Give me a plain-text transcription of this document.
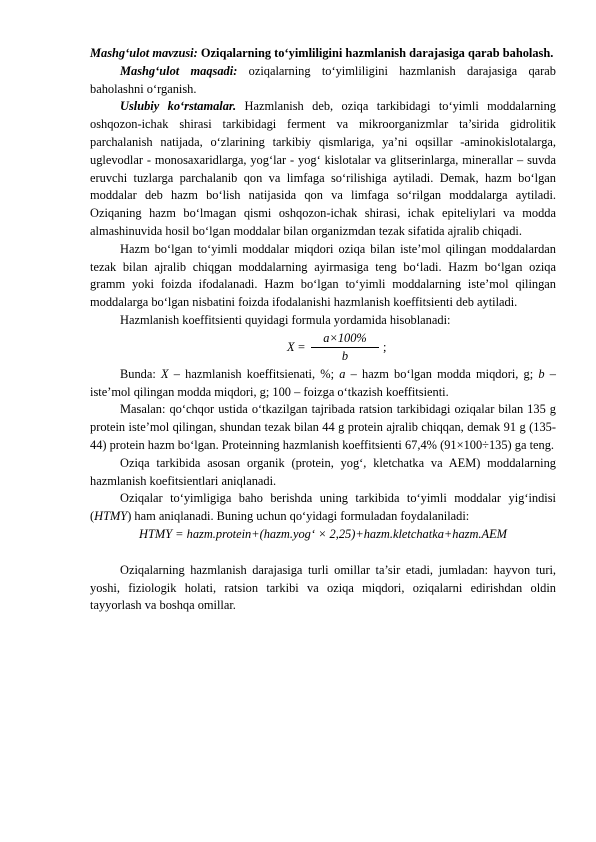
Mashg‘ulot mavzusi: Oziqalarning to‘yimliligini hazmlanish darajasiga qarab baholash.

Mashg‘ulot maqsadi: oziqalarning to‘yimliligini hazmlanish darajasiga qarab baholashni o‘rganish.

Uslubiy ko‘rstamalar. Hazmlanish deb, oziqa tarkibidagi to‘yimli moddalarning oshqozon-ichak shirasi tarkibidagi ferment va mikroorganizmlar ta’sirida gidrolitik parchalanish natijada, o‘zlarining tarkibiy qismlariga, ya’ni oqsillar -aminokislotalarga, uglevodlar - monosaxaridlarga, yog‘lar - yog‘ kislotalar va glitserinlarga, minerallar – suvda eruvchi tuzlarga parchalanib qon va limfaga so‘rilishiga aytiladi. Demak, hazm bo‘lgan moddalar deb hazm bo‘lish natijasida qon va limfaga so‘rilgan moddalarga aytiladi. Oziqaning hazm bo‘lmagan qismi oshqozon-ichak shirasi, ichak epiteliylari va modda almashinuvida hosil bo‘lgan moddalar bilan organizmdan tezak sifatida ajralib chiqadi.

Hazm bo‘lgan to‘yimli moddalar miqdori oziqa bilan iste’mol qilingan moddalardan tezak bilan ajralib chiqgan moddalarning ayirmasiga teng bo‘ladi. Hazm bo‘lgan oziqa gramm yoki foizda ifodalanadi. Hazm bo‘lgan to‘yimli moddalarning iste’mol qilingan moddalarga bo‘lgan nisbatini foizda ifodalanishi hazmlanish koeffitsienti deb aytiladi.

Hazmlanish koeffitsienti quyidagi formula yordamida hisoblanadi:

X =
a×100%
b
;

Bunda: X – hazmlanish koeffitsienati, %; a – hazm bo‘lgan modda miqdori, g; b – iste’mol qilingan modda miqdori, g; 100 – foizga o‘tkazish koeffitsienti.

Masalan: qo‘chqor ustida o‘tkazilgan tajribada ratsion tarkibidagi oziqalar bilan 135 g protein iste’mol qilingan, shundan tezak bilan 44 g protein ajralib chiqqan, demak 91 g (135-44) protein hazm bo‘lgan. Proteinning hazmlanish koeffitsienti 67,4% (91×100÷135) ga teng.

Oziqa tarkibida asosan organik (protein, yog‘, kletchatka va AEM) moddalarning hazmlanish koefitsientlari aniqlanadi.

Oziqalar to‘yimligiga baho berishda uning tarkibida to‘yimli moddalar yig‘indisi (HTMY) ham aniqlanadi. Buning uchun qo‘yidagi formuladan foydalaniladi:

HTMY = hazm.protein+(hazm.yog‘ × 2,25)+hazm.kletchatka+hazm.AEM

Oziqalarning hazmlanish darajasiga turli omillar ta’sir etadi, jumladan: hayvon turi, yoshi, fiziologik holati, ratsion tarkibi va oziqa miqdori, oziqalarni edirishdan oldin tayyorlash va boshqa omillar.
